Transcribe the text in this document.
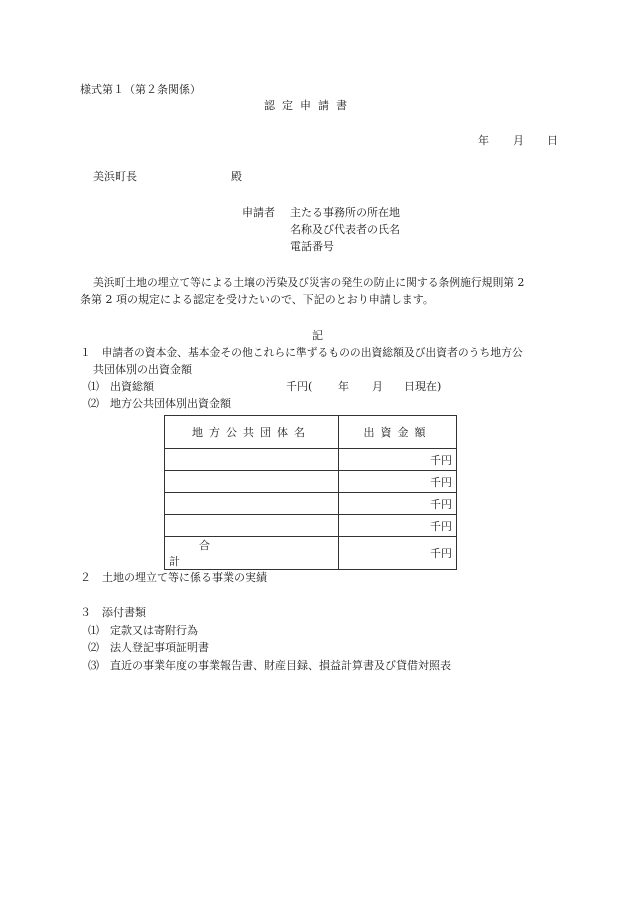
様式第１（第２条関係）
認定申請書
年 月 日
美浜町長	殿
申請者 主たる事務所の所在地
名称及び代表者の氏名
電話番号
美浜町土地の埋立て等による土壌の汚染及び災害の発生の防止に関する条例施行規則第 2
条第 2 項の規定による認定を受けたいので、下記のとおり申請します。
記
１　申請者の資本金、基本金その他これらに準ずるものの出資総額及び出資者のうち地方公
共団体別の出資金額
⑴　出資総額	千円( 年 月 日現在)
⑵　地方公共団体別出資金額
地方公共団体名	出資金額
	千円
	千円
	千円
	千円
合計	千円
２　土地の埋立て等に係る事業の実績
３　添付書類
⑴　定款又は寄附行為
⑵　法人登記事項証明書
⑶　直近の事業年度の事業報告書、財産目録、損益計算書及び貸借対照表
